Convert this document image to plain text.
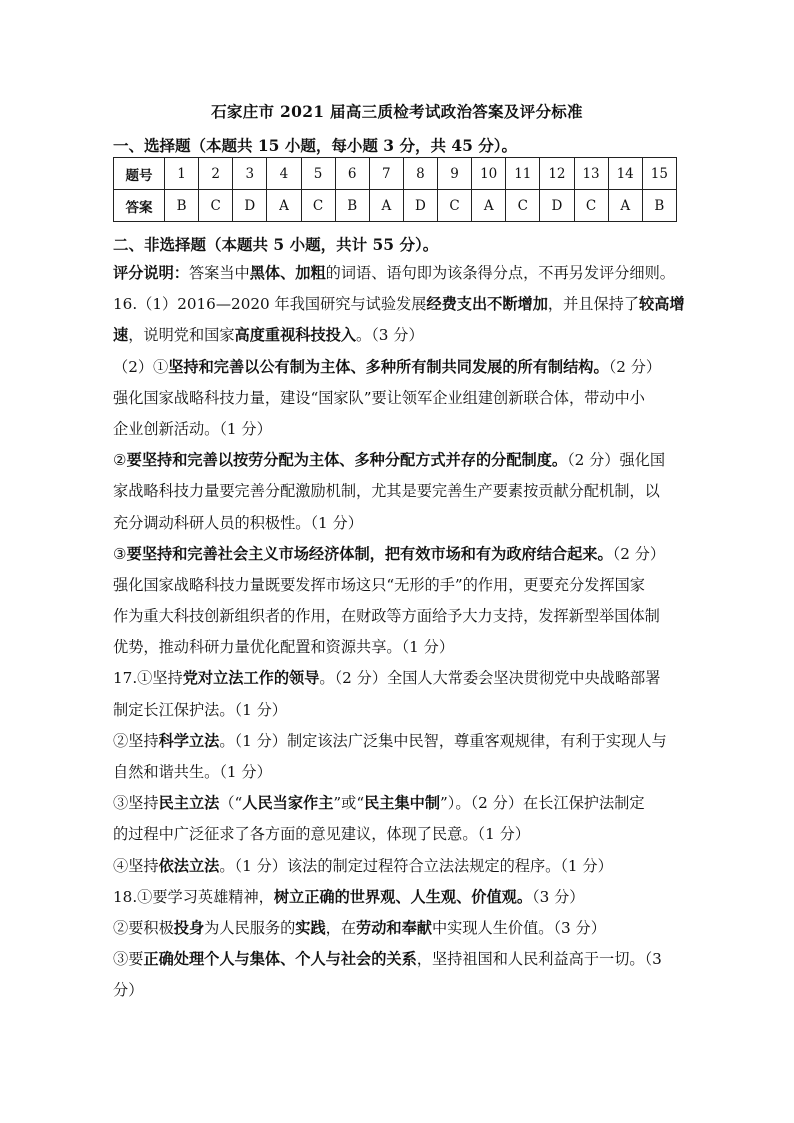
石家庄市 2021 届高三质检考试政治答案及评分标准
一、选择题（本题共 15 小题，每小题 3 分，共 45 分）。
题号	1	2	3	4	5	6	7	8	9	10	11	12	13	14	15
答案	B	C	D	A	C	B	A	D	C	A	C	D	C	A	B
二、非选择题（本题共 5 小题，共计 55 分）。
评分说明：答案当中黑体、加粗的词语、语句即为该条得分点，不再另发评分细则。
16.（1）2016—2020 年我国研究与试验发展经费支出不断增加，并且保持了较高增
速，说明党和国家高度重视科技投入。（3 分）
（2）①坚持和完善以公有制为主体、多种所有制共同发展的所有制结构。（2 分）
强化国家战略科技力量，建设“国家队”要让领军企业组建创新联合体，带动中小
企业创新活动。（1 分）
②要坚持和完善以按劳分配为主体、多种分配方式并存的分配制度。（2 分）强化国
家战略科技力量要完善分配激励机制，尤其是要完善生产要素按贡献分配机制，以
充分调动科研人员的积极性。（1 分）
③要坚持和完善社会主义市场经济体制，把有效市场和有为政府结合起来。（2 分）
强化国家战略科技力量既要发挥市场这只“无形的手”的作用，更要充分发挥国家
作为重大科技创新组织者的作用，在财政等方面给予大力支持，发挥新型举国体制
优势，推动科研力量优化配置和资源共享。（1 分）
17.①坚持党对立法工作的领导。（2 分）全国人大常委会坚决贯彻党中央战略部署
制定长江保护法。（1 分）
②坚持科学立法。（1 分）制定该法广泛集中民智，尊重客观规律，有利于实现人与
自然和谐共生。（1 分）
③坚持民主立法（“人民当家作主”或“民主集中制”）。（2 分）在长江保护法制定
的过程中广泛征求了各方面的意见建议，体现了民意。（1 分）
④坚持依法立法。（1 分）该法的制定过程符合立法法规定的程序。（1 分）
18.①要学习英雄精神，树立正确的世界观、人生观、价值观。（3 分）
②要积极投身为人民服务的实践，在劳动和奉献中实现人生价值。（3 分）
③要正确处理个人与集体、个人与社会的关系，坚持祖国和人民利益高于一切。（3
分）
